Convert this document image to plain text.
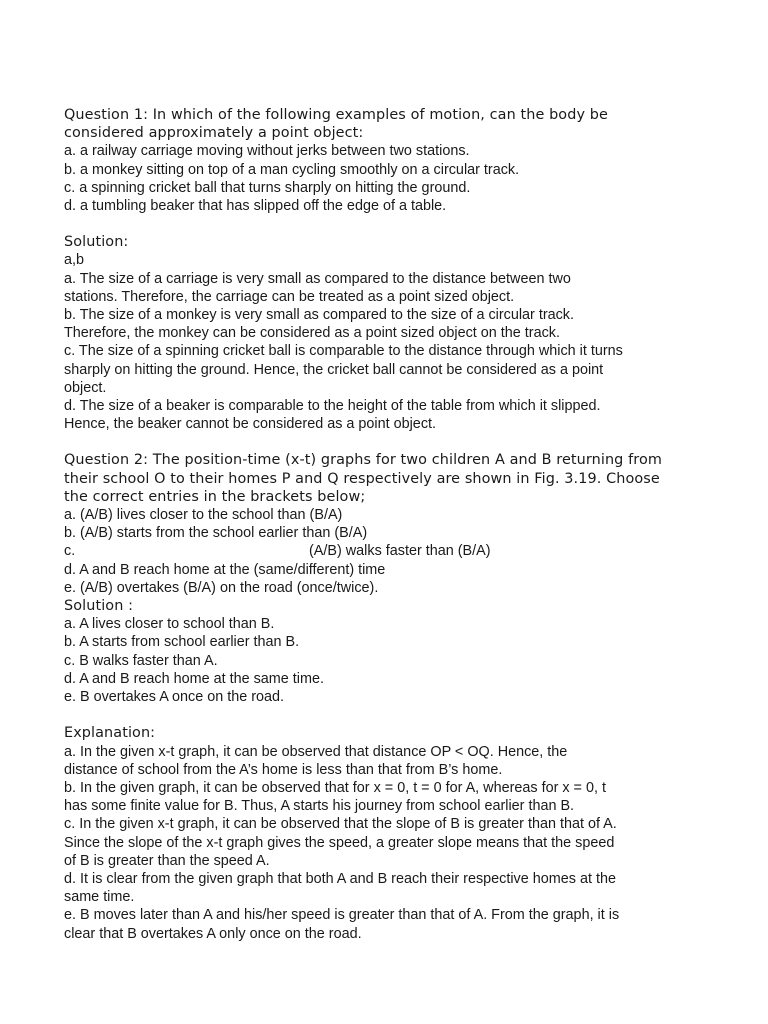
Question 1: In which of the following examples of motion, can the body be
considered approximately a point object:
a. a railway carriage moving without jerks between two stations.
b. a monkey sitting on top of a man cycling smoothly on a circular track.
c. a spinning cricket ball that turns sharply on hitting the ground.
d. a tumbling beaker that has slipped off the edge of a table.
Solution:
a,b
a. The size of a carriage is very small as compared to the distance between two
stations. Therefore, the carriage can be treated as a point sized object.
b. The size of a monkey is very small as compared to the size of a circular track.
Therefore, the monkey can be considered as a point sized object on the track.
c. The size of a spinning cricket ball is comparable to the distance through which it turns
sharply on hitting the ground. Hence, the cricket ball cannot be considered as a point
object.
d. The size of a beaker is comparable to the height of the table from which it slipped.
Hence, the beaker cannot be considered as a point object.
Question 2: The position-time (x-t) graphs for two children A and B returning from
their school O to their homes P and Q respectively are shown in Fig. 3.19. Choose
the correct entries in the brackets below;
a. (A/B) lives closer to the school than (B/A)
b. (A/B) starts from the school earlier than (B/A)
c.	(A/B) walks faster than (B/A)
d. A and B reach home at the (same/different) time
e. (A/B) overtakes (B/A) on the road (once/twice).
Solution :
a. A lives closer to school than B.
b. A starts from school earlier than B.
c. B walks faster than A.
d. A and B reach home at the same time.
e. B overtakes A once on the road.
Explanation:
a. In the given x-t graph, it can be observed that distance OP < OQ. Hence, the
distance of school from the A’s home is less than that from B’s home.
b. In the given graph, it can be observed that for x = 0, t = 0 for A, whereas for x = 0, t
has some finite value for B. Thus, A starts his journey from school earlier than B.
c. In the given x-t graph, it can be observed that the slope of B is greater than that of A.
Since the slope of the x-t graph gives the speed, a greater slope means that the speed
of B is greater than the speed A.
d. It is clear from the given graph that both A and B reach their respective homes at the
same time.
e. B moves later than A and his/her speed is greater than that of A. From the graph, it is
clear that B overtakes A only once on the road.
